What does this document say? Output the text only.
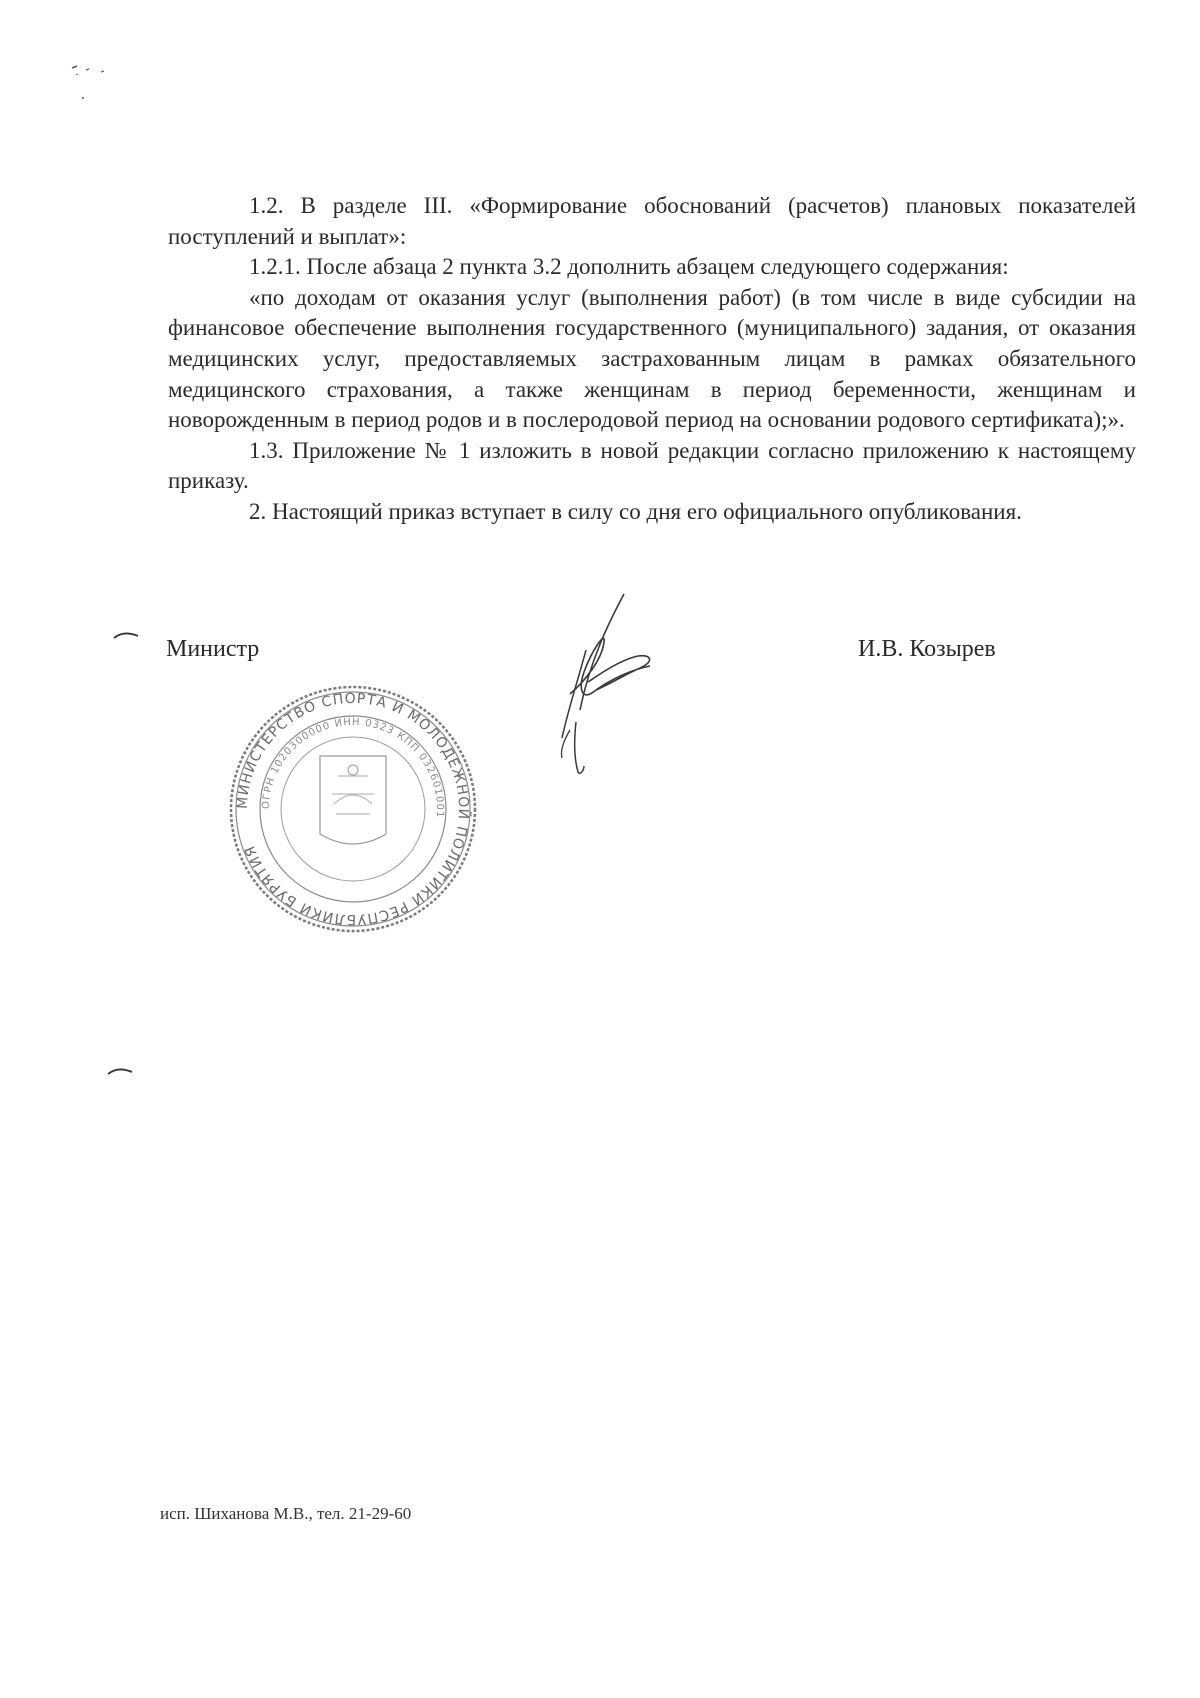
1.2. В разделе III. «Формирование обоснований (расчетов) плановых показателей поступлений и выплат»:

1.2.1. После абзаца 2 пункта 3.2 дополнить абзацем следующего содержания:

«по доходам от оказания услуг (выполнения работ) (в том числе в виде субсидии на финансовое обеспечение выполнения государственного (муниципального) задания, от оказания медицинских услуг, предоставляемых застрахованным лицам в рамках обязательного медицинского страхования, а также женщинам в период беременности, женщинам и новорожденным в период родов и в послеродовой период на основании родового сертификата);».

1.3. Приложение № 1 изложить в новой редакции согласно приложению к настоящему приказу.

2. Настоящий приказ вступает в силу со дня его официального опубликования.

Министр	И.В. Козырев
МИНИСТЕРСТВО СПОРТА И МОЛОДЕЖНОЙ ПОЛИТИКИ РЕСПУБЛИКИ БУРЯТИЯ
ОГРН 1020300000 ИНН 0323 КПП 032601001
исп. Шиханова М.В., тел. 21-29-60
